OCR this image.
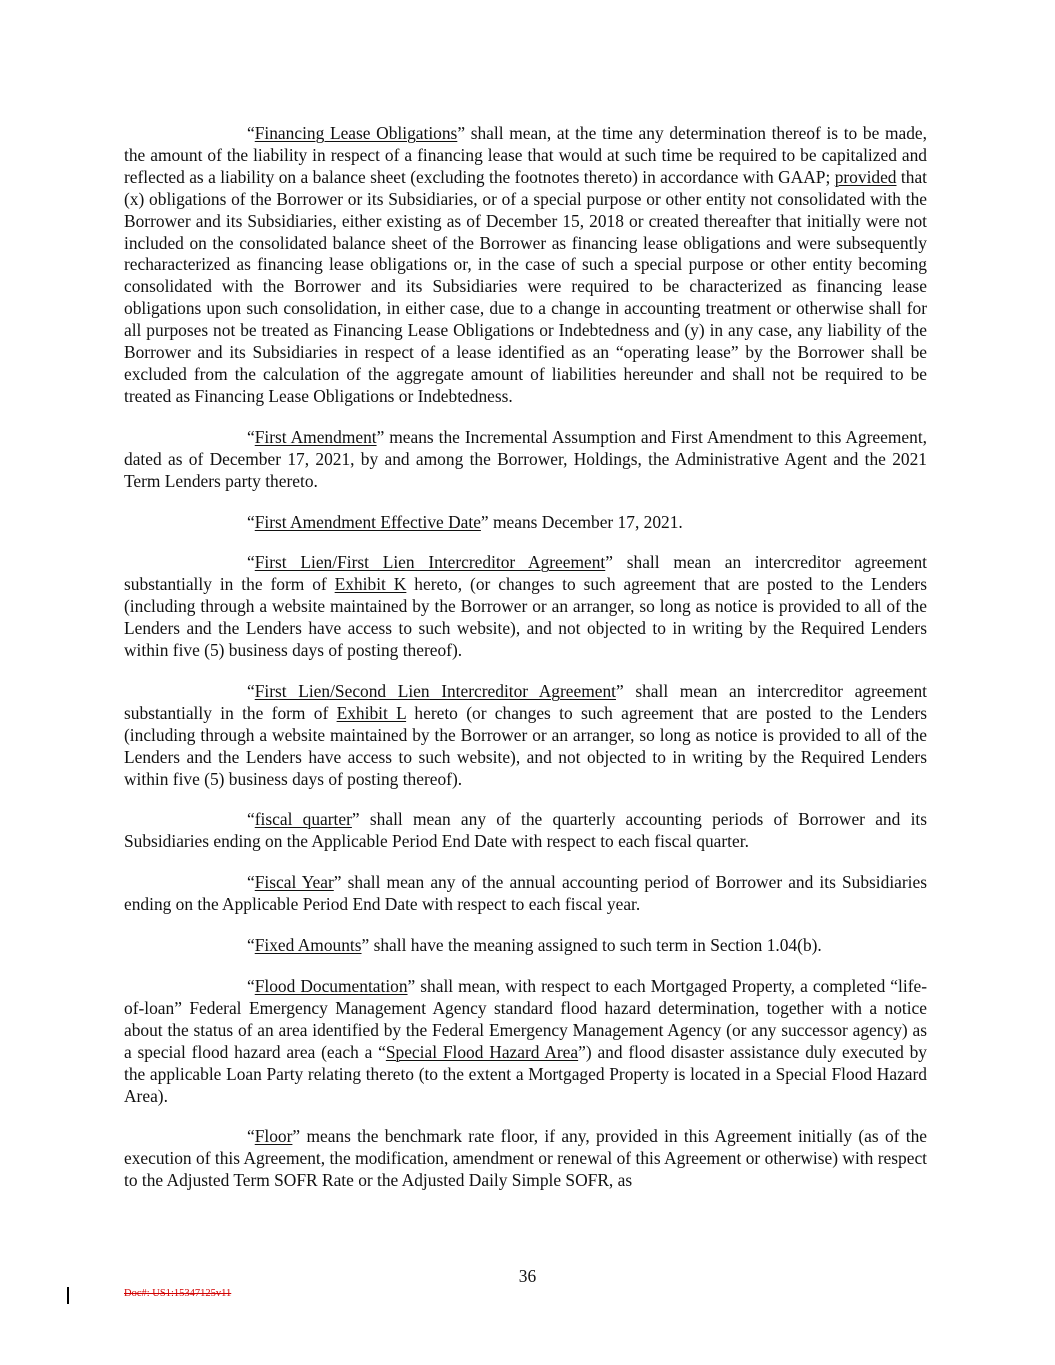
“Financing Lease Obligations” shall mean, at the time any determination thereof is to be made, the amount of the liability in respect of a financing lease that would at such time be required to be capitalized and reflected as a liability on a balance sheet (excluding the footnotes thereto) in accordance with GAAP; provided that (x) obligations of the Borrower or its Subsidiaries, or of a special purpose or other entity not consolidated with the Borrower and its Subsidiaries, either existing as of December 15, 2018 or created thereafter that initially were not included on the consolidated balance sheet of the Borrower as financing lease obligations and were subsequently recharacterized as financing lease obligations or, in the case of such a special purpose or other entity becoming consolidated with the Borrower and its Subsidiaries were required to be characterized as financing lease obligations upon such consolidation, in either case, due to a change in accounting treatment or otherwise shall for all purposes not be treated as Financing Lease Obligations or Indebtedness and (y) in any case, any liability of the Borrower and its Subsidiaries in respect of a lease identified as an “operating lease” by the Borrower shall be excluded from the calculation of the aggregate amount of liabilities hereunder and shall not be required to be treated as Financing Lease Obligations or Indebtedness.

“First Amendment” means the Incremental Assumption and First Amendment to this Agreement, dated as of December 17, 2021, by and among the Borrower, Holdings, the Administrative Agent and the 2021 Term Lenders party thereto.

“First Amendment Effective Date” means December 17, 2021.

“First Lien/First Lien Intercreditor Agreement” shall mean an intercreditor agreement substantially in the form of Exhibit K hereto, (or changes to such agreement that are posted to the Lenders (including through a website maintained by the Borrower or an arranger, so long as notice is provided to all of the Lenders and the Lenders have access to such website), and not objected to in writing by the Required Lenders within five (5) business days of posting thereof).

“First Lien/Second Lien Intercreditor Agreement” shall mean an intercreditor agreement substantially in the form of Exhibit L hereto (or changes to such agreement that are posted to the Lenders (including through a website maintained by the Borrower or an arranger, so long as notice is provided to all of the Lenders and the Lenders have access to such website), and not objected to in writing by the Required Lenders within five (5) business days of posting thereof).

“fiscal quarter” shall mean any of the quarterly accounting periods of Borrower and its Subsidiaries ending on the Applicable Period End Date with respect to each fiscal quarter.

“Fiscal Year” shall mean any of the annual accounting period of Borrower and its Subsidiaries ending on the Applicable Period End Date with respect to each fiscal year.

“Fixed Amounts” shall have the meaning assigned to such term in Section 1.04(b).

“Flood Documentation” shall mean, with respect to each Mortgaged Property, a completed “life-of-loan” Federal Emergency Management Agency standard flood hazard determination, together with a notice about the status of an area identified by the Federal Emergency Management Agency (or any successor agency) as a special flood hazard area (each a “Special Flood Hazard Area”) and flood disaster assistance duly executed by the applicable Loan Party relating thereto (to the extent a Mortgaged Property is located in a Special Flood Hazard Area).

“Floor” means the benchmark rate floor, if any, provided in this Agreement initially (as of the execution of this Agreement, the modification, amendment or renewal of this Agreement or otherwise) with respect to the Adjusted Term SOFR Rate or the Adjusted Daily Simple SOFR, as

36
Doc#: US1:15347125v11
